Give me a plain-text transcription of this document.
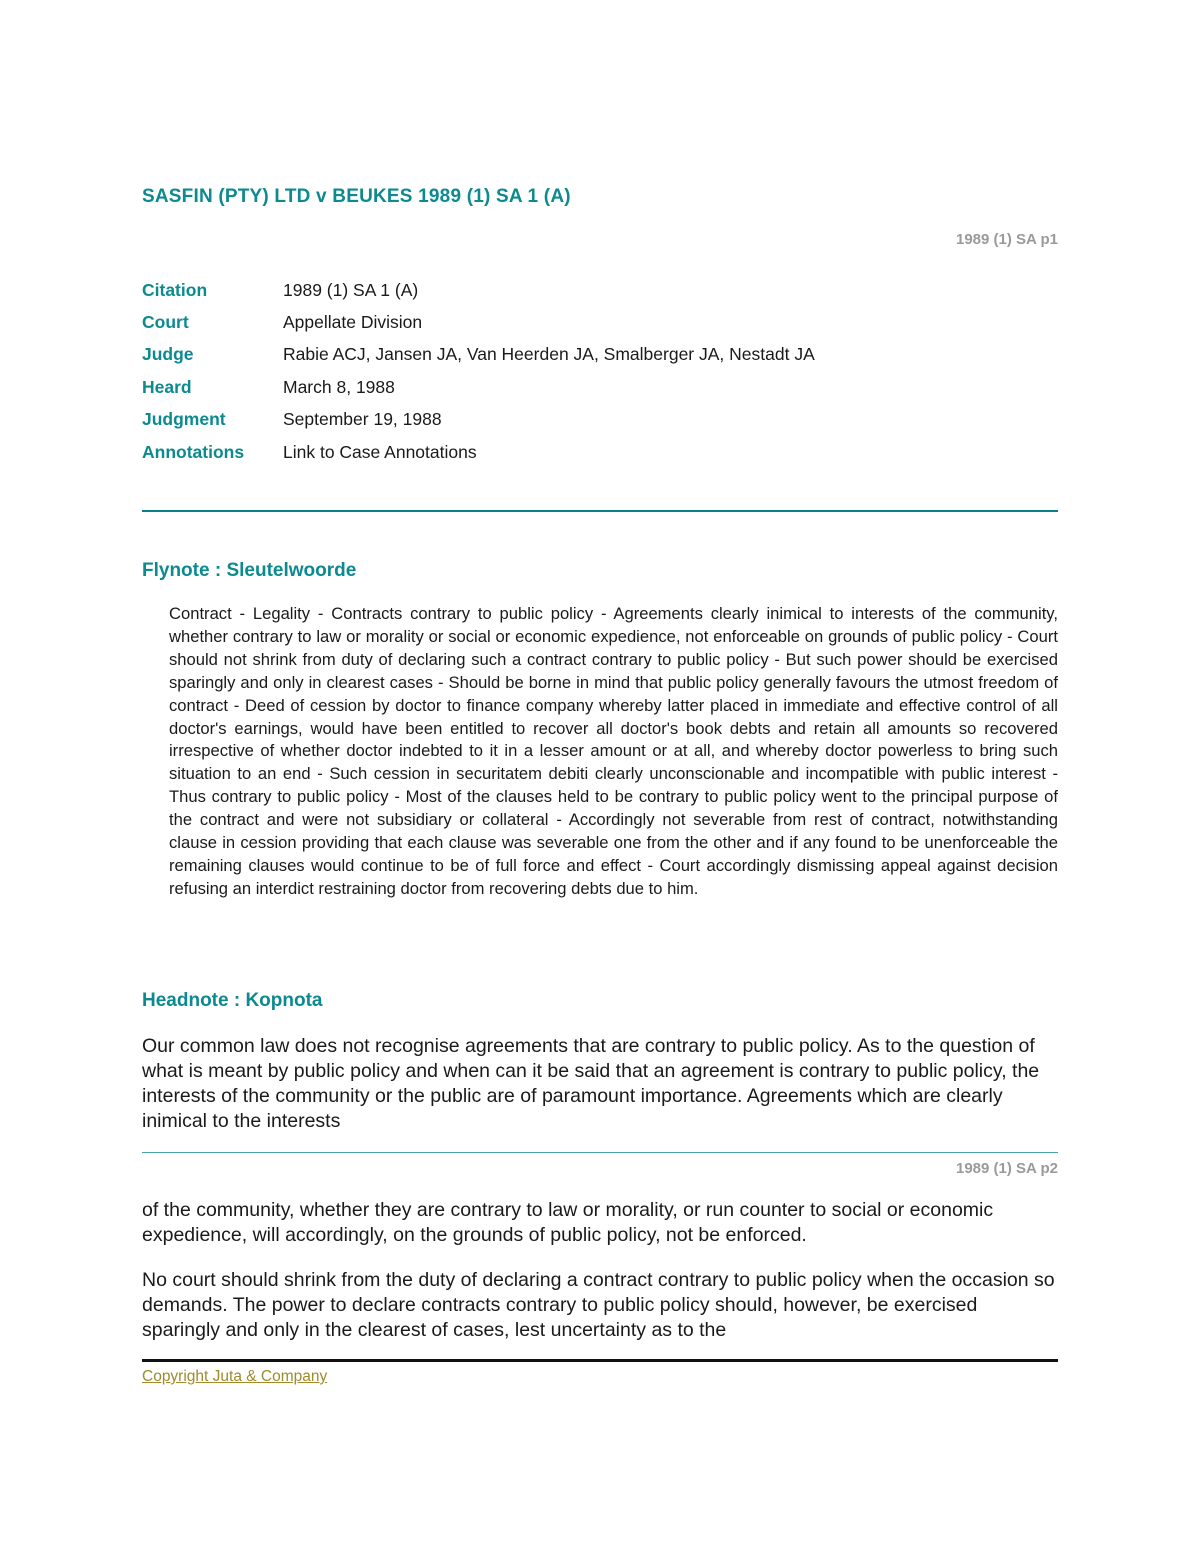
SASFIN (PTY) LTD v BEUKES 1989 (1) SA 1 (A)
1989 (1) SA p1
Citation	1989 (1) SA 1 (A)
Court	Appellate Division
Judge	Rabie ACJ, Jansen JA, Van Heerden JA, Smalberger JA, Nestadt JA
Heard	March 8, 1988
Judgment	September 19, 1988
Annotations	Link to Case Annotations
Flynote : Sleutelwoorde

Contract - Legality - Contracts contrary to public policy - Agreements clearly inimical to interests of the community, whether contrary to law or morality or social or economic expedience, not enforceable on grounds of public policy - Court should not shrink from duty of declaring such a contract contrary to public policy - But such power should be exercised sparingly and only in clearest cases - Should be borne in mind that public policy generally favours the utmost freedom of contract - Deed of cession by doctor to finance company whereby latter placed in immediate and effective control of all doctor's earnings, would have been entitled to recover all doctor's book debts and retain all amounts so recovered irrespective of whether doctor indebted to it in a lesser amount or at all, and whereby doctor powerless to bring such situation to an end - Such cession in securitatem debiti clearly unconscionable and incompatible with public interest - Thus contrary to public policy - Most of the clauses held to be contrary to public policy went to the principal purpose of the contract and were not subsidiary or collateral - Accordingly not severable from rest of contract, notwithstanding clause in cession providing that each clause was severable one from the other and if any found to be unenforceable the remaining clauses would continue to be of full force and effect - Court accordingly dismissing appeal against decision refusing an interdict restraining doctor from recovering debts due to him.

Headnote : Kopnota

Our common law does not recognise agreements that are contrary to public policy. As to the question of what is meant by public policy and when can it be said that an agreement is contrary to public policy, the interests of the community or the public are of paramount importance. Agreements which are clearly inimical to the interests

1989 (1) SA p2

of the community, whether they are contrary to law or morality, or run counter to social or economic expedience, will accordingly, on the grounds of public policy, not be enforced.

No court should shrink from the duty of declaring a contract contrary to public policy when the occasion so demands. The power to declare contracts contrary to public policy should, however, be exercised sparingly and only in the clearest of cases, lest uncertainty as to the

Copyright Juta & Company
